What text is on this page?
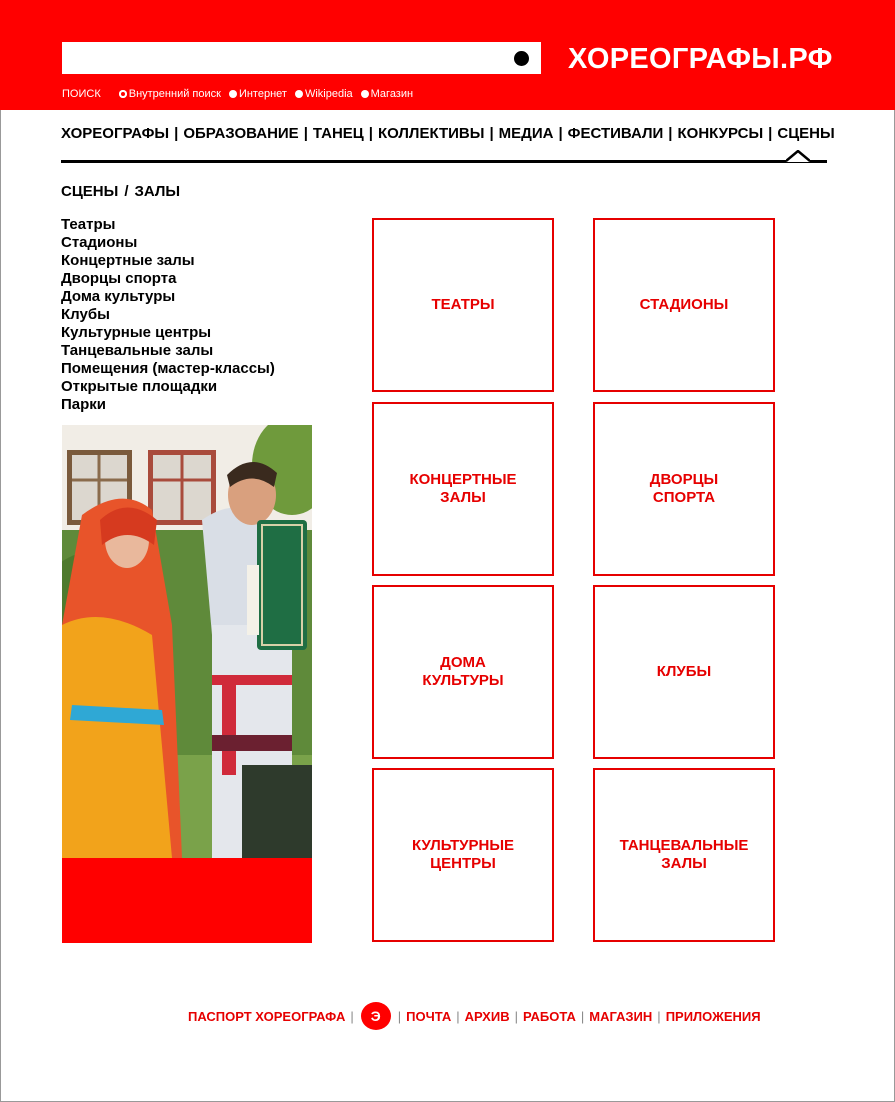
ХОРЕОГРАФЫ.РФ
ПОИСК	Внутренний поиск Интернет Wikipedia Магазин
ХОРЕОГРАФЫ | ОБРАЗОВАНИЕ | ТАНЕЦ | КОЛЛЕКТИВЫ | МЕДИА | ФЕСТИВАЛИ | КОНКУРСЫ | СЦЕНЫ
СЦЕНЫ / ЗАЛЫ
Театры
Стадионы
Концертные залы
Дворцы спорта
Дома культуры
Клубы
Культурные центры
Танцевальные залы
Помещения (мастер-классы)
Открытые площадки
Парки
ТЕАТРЫ	СТАДИОНЫ
КОНЦЕРТНЫЕ
ЗАЛЫ
ДВОРЦЫ
СПОРТА
ДОМА
КУЛЬТУРЫ
КЛУБЫ
КУЛЬТУРНЫЕ
ЦЕНТРЫ
ТАНЦЕВАЛЬНЫЕ
ЗАЛЫ
ПАСПОРТ ХОРЕОГРАФА |	Э	| ПОЧТА | АРХИВ | РАБОТА | МАГАЗИН | ПРИЛОЖЕНИЯ
